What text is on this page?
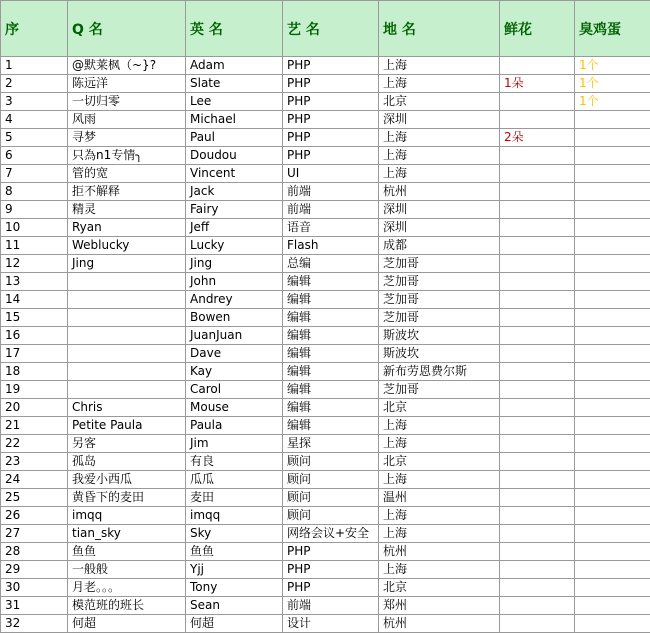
序	Q 名	英 名	艺 名	地 名	鲜花	臭鸡蛋
1	@默莱枫（~}?	Adam	PHP	上海		1个
2	陈远洋	Slate	PHP	上海	1朵	1个
3	一切归零	Lee	PHP	北京		1个
4	风雨	Michael	PHP	深圳		
5	寻梦	Paul	PHP	上海	2朵	
6	只為n1专情╮	Doudou	PHP	上海		
7	管的宽	Vincent	UI	上海		
8	拒不解释	Jack	前端	杭州		
9	精灵	Fairy	前端	深圳		
10	Ryan	Jeff	语音	深圳		
11	Weblucky	Lucky	Flash	成都		
12	Jing	Jing	总编	芝加哥		
13		John	编辑	芝加哥		
14		Andrey	编辑	芝加哥		
15		Bowen	编辑	芝加哥		
16		JuanJuan	编辑	斯波坎		
17		Dave	编辑	斯波坎		
18		Kay	编辑	新布劳恩费尔斯		
19		Carol	编辑	芝加哥		
20	Chris	Mouse	编辑	北京		
21	Petite Paula	Paula	编辑	上海		
22	另客	Jim	星探	上海		
23	孤岛	有良	顾问	北京		
24	我爱小西瓜	瓜瓜	顾问	上海		
25	黄昏下的麦田	麦田	顾问	温州		
26	imqq	imqq	顾问	上海		
27	tian_sky	Sky	网络会议+安全	上海		
28	鱼鱼	鱼鱼	PHP	杭州		
29	一般般	Yjj	PHP	上海		
30	月老。。。	Tony	PHP	北京		
31	模范班的班长	Sean	前端	郑州		
32	何超	何超	设计	杭州		
